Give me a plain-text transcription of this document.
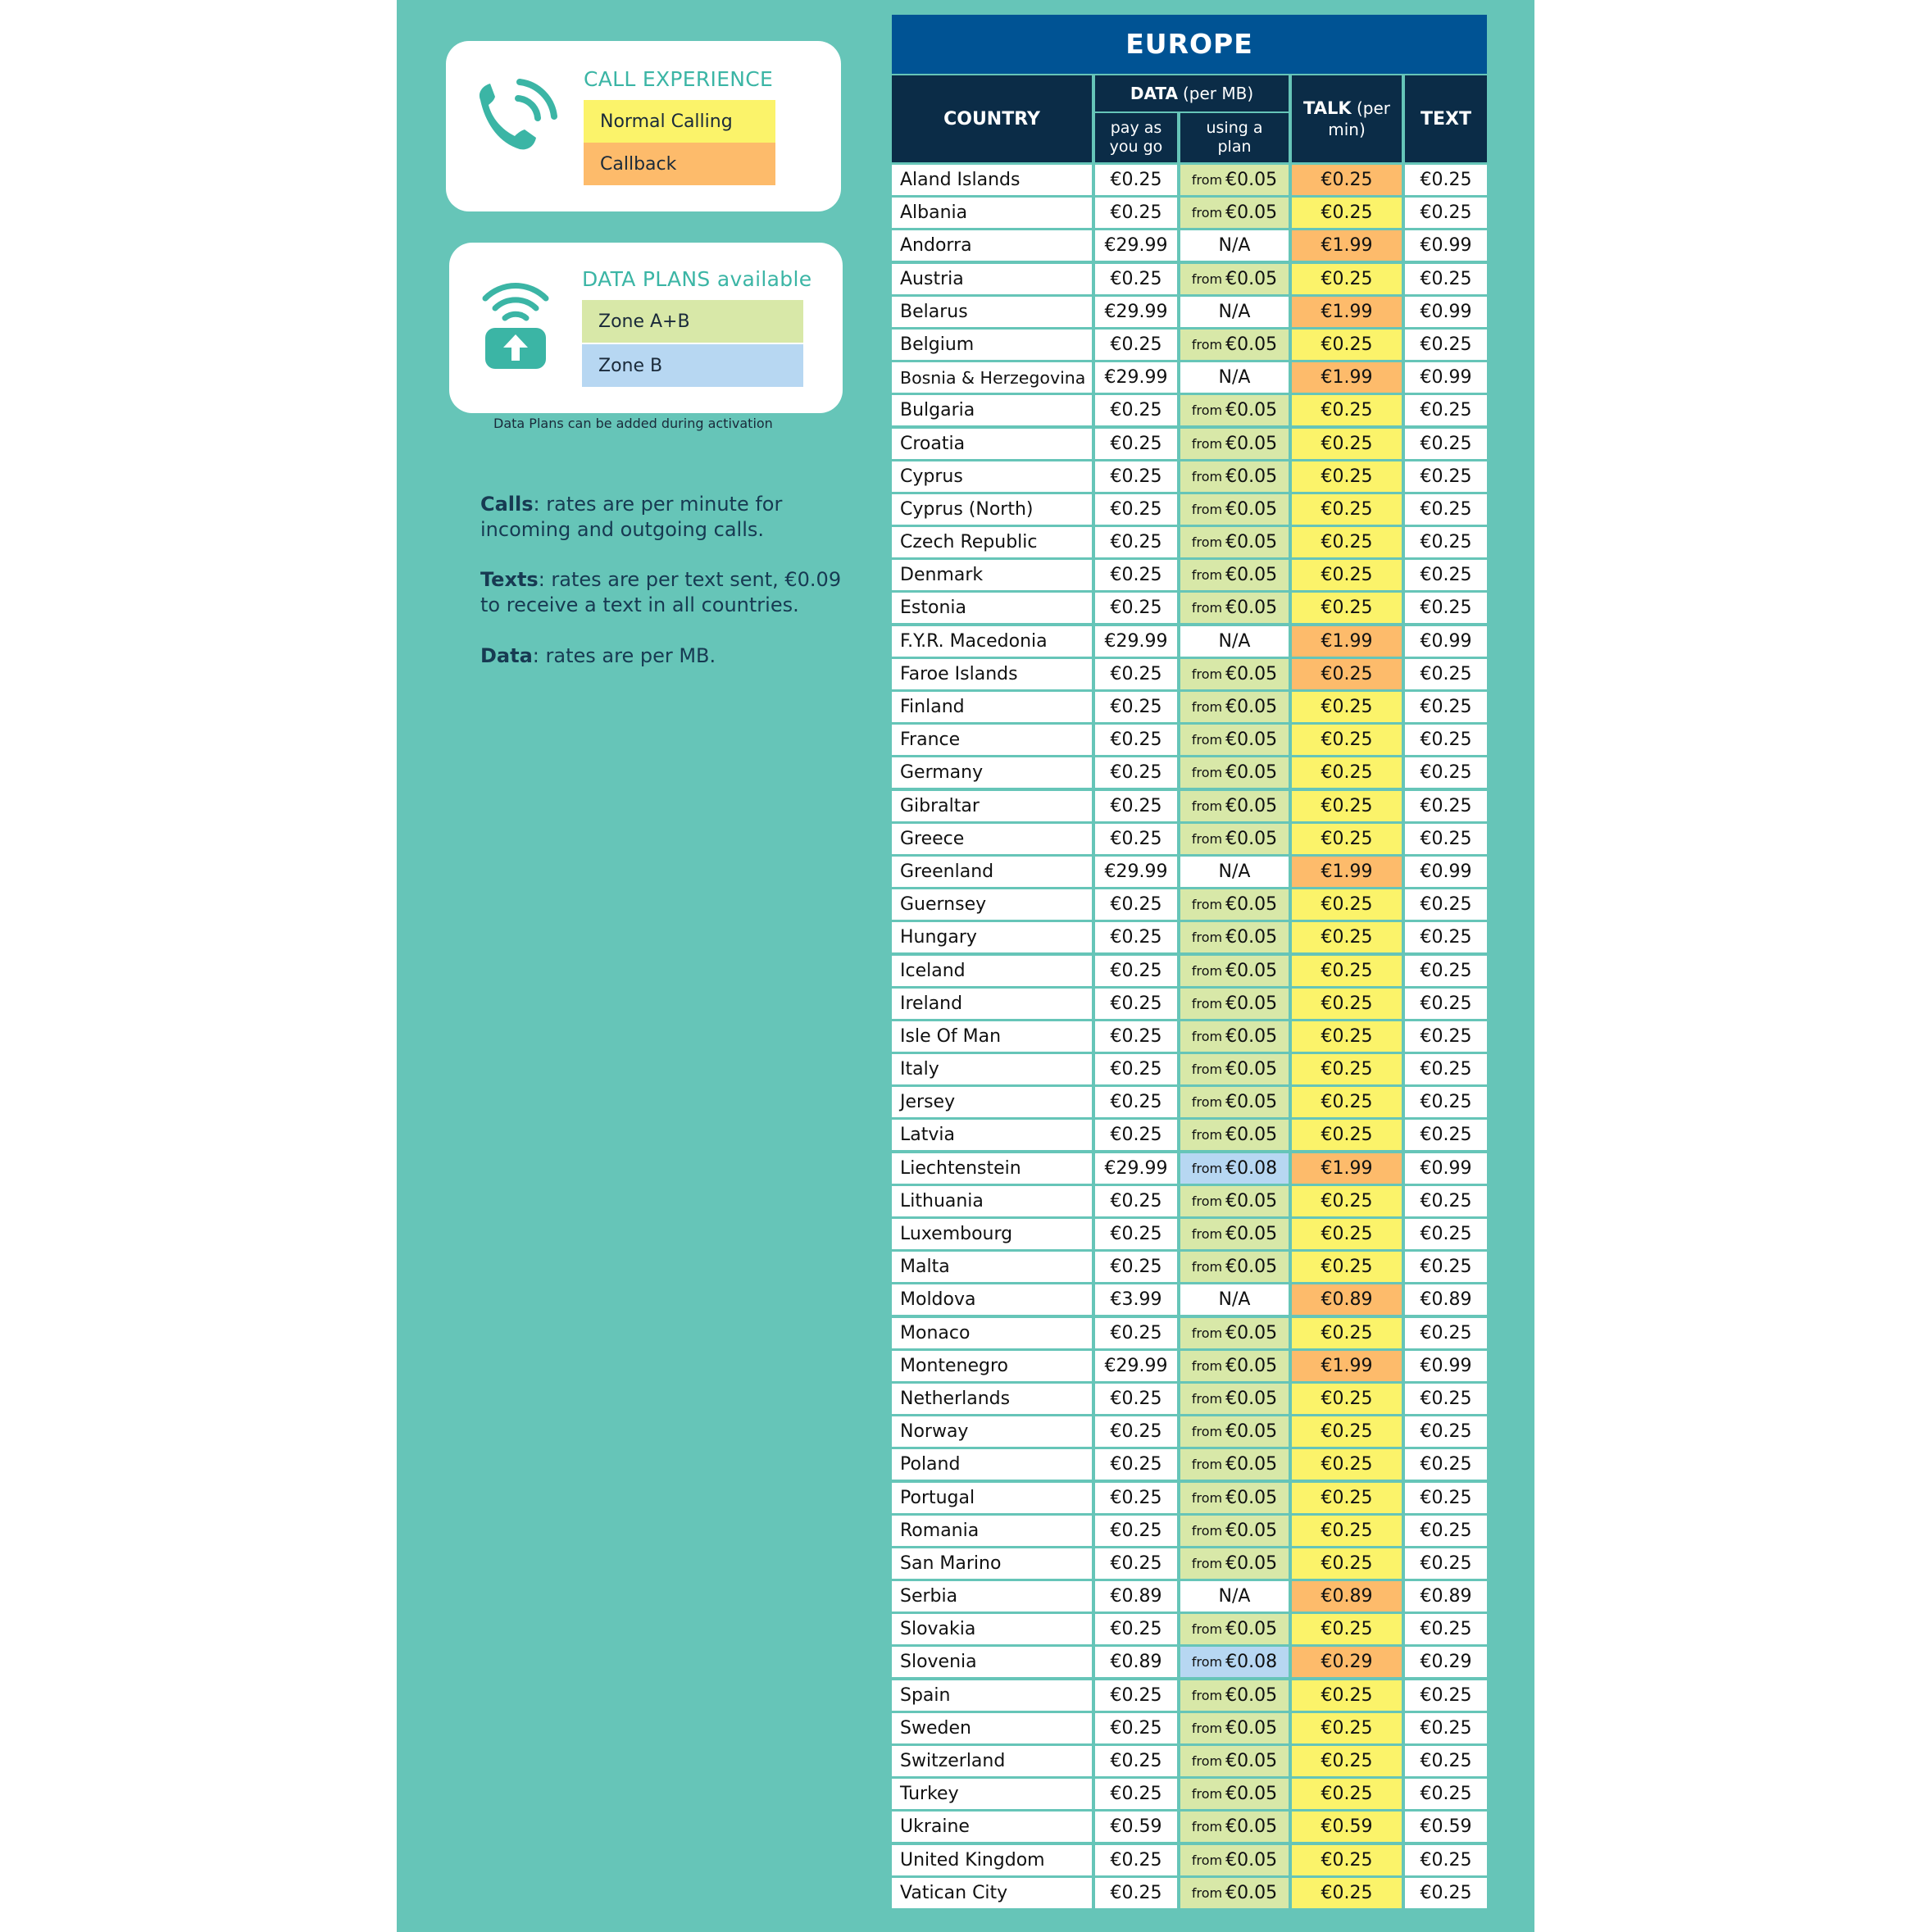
CALL EXPERIENCE
Normal Calling
Callback
DATA PLANS available
Zone A+B
Zone B
Data Plans can be added during activation
Calls: rates are per minute for incoming and outgoing calls.
Texts: rates are per text sent, €0.09 to receive a text in all countries.
Data: rates are per MB.
EUROPE
COUNTRY
DATA (per MB)
pay as you go
using a plan
TALK (per min)
TEXT
Aland Islands	€0.25	from €0.05	€0.25	€0.25
Albania	€0.25	from €0.05	€0.25	€0.25
Andorra	€29.99	N/A	€1.99	€0.99
Austria	€0.25	from €0.05	€0.25	€0.25
Belarus	€29.99	N/A	€1.99	€0.99
Belgium	€0.25	from €0.05	€0.25	€0.25
Bosnia & Herzegovina	€29.99	N/A	€1.99	€0.99
Bulgaria	€0.25	from €0.05	€0.25	€0.25
Croatia	€0.25	from €0.05	€0.25	€0.25
Cyprus	€0.25	from €0.05	€0.25	€0.25
Cyprus (North)	€0.25	from €0.05	€0.25	€0.25
Czech Republic	€0.25	from €0.05	€0.25	€0.25
Denmark	€0.25	from €0.05	€0.25	€0.25
Estonia	€0.25	from €0.05	€0.25	€0.25
F.Y.R. Macedonia	€29.99	N/A	€1.99	€0.99
Faroe Islands	€0.25	from €0.05	€0.25	€0.25
Finland	€0.25	from €0.05	€0.25	€0.25
France	€0.25	from €0.05	€0.25	€0.25
Germany	€0.25	from €0.05	€0.25	€0.25
Gibraltar	€0.25	from €0.05	€0.25	€0.25
Greece	€0.25	from €0.05	€0.25	€0.25
Greenland	€29.99	N/A	€1.99	€0.99
Guernsey	€0.25	from €0.05	€0.25	€0.25
Hungary	€0.25	from €0.05	€0.25	€0.25
Iceland	€0.25	from €0.05	€0.25	€0.25
Ireland	€0.25	from €0.05	€0.25	€0.25
Isle Of Man	€0.25	from €0.05	€0.25	€0.25
Italy	€0.25	from €0.05	€0.25	€0.25
Jersey	€0.25	from €0.05	€0.25	€0.25
Latvia	€0.25	from €0.05	€0.25	€0.25
Liechtenstein	€29.99	from €0.08	€1.99	€0.99
Lithuania	€0.25	from €0.05	€0.25	€0.25
Luxembourg	€0.25	from €0.05	€0.25	€0.25
Malta	€0.25	from €0.05	€0.25	€0.25
Moldova	€3.99	N/A	€0.89	€0.89
Monaco	€0.25	from €0.05	€0.25	€0.25
Montenegro	€29.99	from €0.05	€1.99	€0.99
Netherlands	€0.25	from €0.05	€0.25	€0.25
Norway	€0.25	from €0.05	€0.25	€0.25
Poland	€0.25	from €0.05	€0.25	€0.25
Portugal	€0.25	from €0.05	€0.25	€0.25
Romania	€0.25	from €0.05	€0.25	€0.25
San Marino	€0.25	from €0.05	€0.25	€0.25
Serbia	€0.89	N/A	€0.89	€0.89
Slovakia	€0.25	from €0.05	€0.25	€0.25
Slovenia	€0.89	from €0.08	€0.29	€0.29
Spain	€0.25	from €0.05	€0.25	€0.25
Sweden	€0.25	from €0.05	€0.25	€0.25
Switzerland	€0.25	from €0.05	€0.25	€0.25
Turkey	€0.25	from €0.05	€0.25	€0.25
Ukraine	€0.59	from €0.05	€0.59	€0.59
United Kingdom	€0.25	from €0.05	€0.25	€0.25
Vatican City	€0.25	from €0.05	€0.25	€0.25
